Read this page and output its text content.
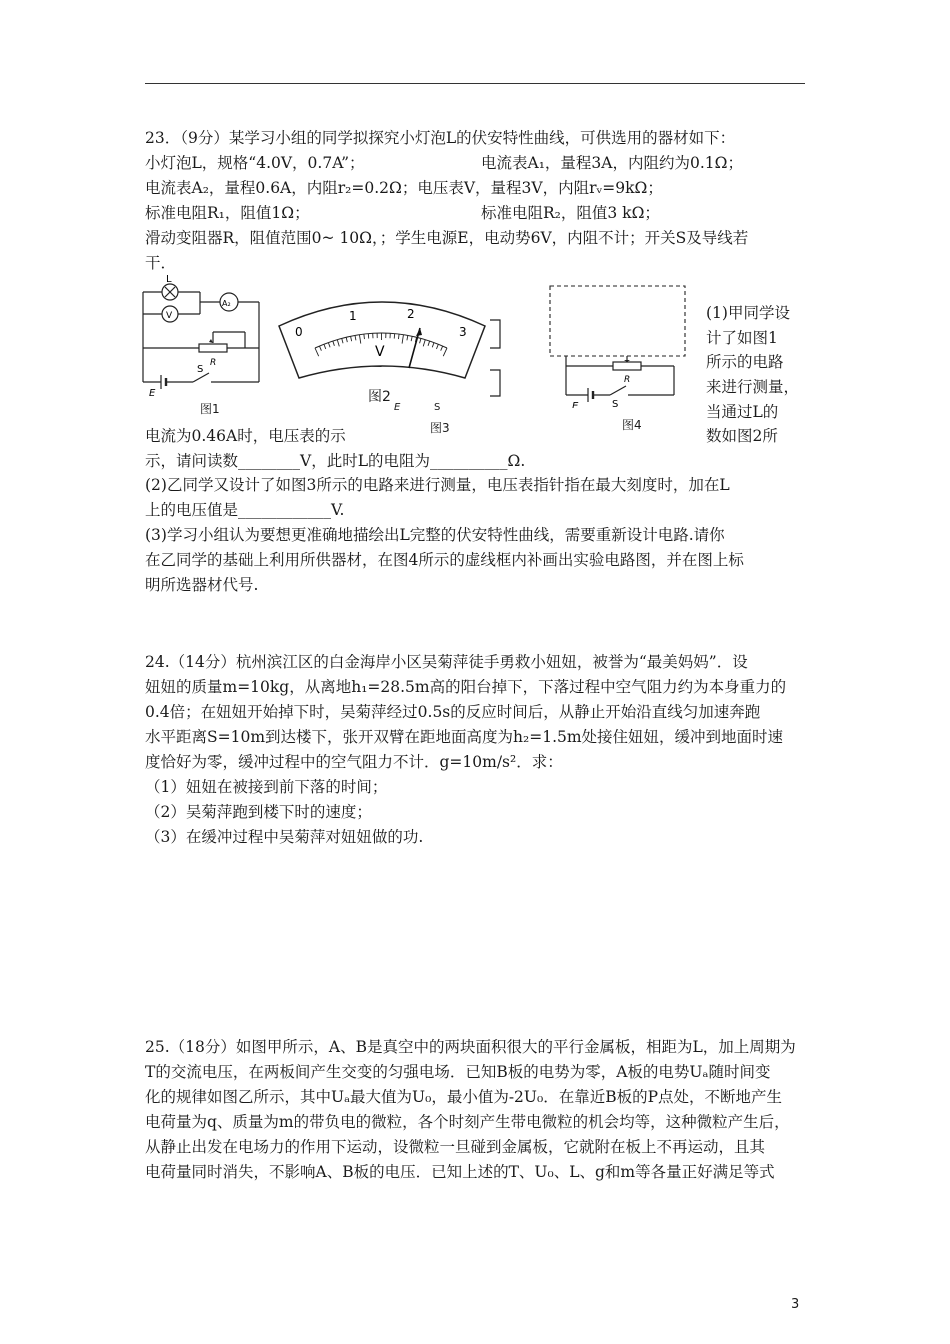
23．（9分）某学习小组的同学拟探究小灯泡L的伏安特性曲线，可供选用的器材如下：
小灯泡L，规格“4.0V，0.7A”；	电流表A₁，量程3A，内阻约为0.1Ω；
电流表A₂，量程0.6A，内阻r₂=0.2Ω；电压表V，量程3V，内阻rᵥ=9kΩ；
标准电阻R₁，阻值1Ω；	标准电阻R₂，阻值3 kΩ；
滑动变阻器R，阻值范围0~ 10Ω，；学生电源E，电动势6V，内阻不计；开关S及导线若
干．
L
V
A₂
R
S
E
图1
0
1	2
3
V
图2
E	S
图3
R
S
E
图4
(1)甲同学设
计了如图1
所示的电路
来进行测量，
当通过L的
数如图2所
电流为0.46A时，电压表的示
示，请问读数________V，此时L的电阻为__________Ω.
(2)乙同学又设计了如图3所示的电路来进行测量，电压表指针指在最大刻度时，加在L
上的电压值是____________V.
(3)学习小组认为要想更准确地描绘出L完整的伏安特性曲线，需要重新设计电路.请你
在乙同学的基础上利用所供器材，在图4所示的虚线框内补画出实验电路图，并在图上标
明所选器材代号.
24.（14分）杭州滨江区的白金海岸小区吴菊萍徒手勇救小妞妞，被誉为“最美妈妈”．设
妞妞的质量m=10kg，从离地h₁=28.5m高的阳台掉下，下落过程中空气阻力约为本身重力的
0.4倍；在妞妞开始掉下时，吴菊萍经过0.5s的反应时间后，从静止开始沿直线匀加速奔跑
水平距离S=10m到达楼下，张开双臂在距地面高度为h₂=1.5m处接住妞妞，缓冲到地面时速
度恰好为零，缓冲过程中的空气阻力不计．g=10m/s²．求：
（1）妞妞在被接到前下落的时间；
（2）吴菊萍跑到楼下时的速度；
（3）在缓冲过程中吴菊萍对妞妞做的功.
25.（18分）如图甲所示，A、B是真空中的两块面积很大的平行金属板，相距为L，加上周期为
T的交流电压，在两板间产生交变的匀强电场．已知B板的电势为零，A板的电势Uₐ随时间变
化的规律如图乙所示，其中Uₐ最大值为U₀，最小值为-2U₀．在靠近B板的P点处，不断地产生
电荷量为q、质量为m的带负电的微粒，各个时刻产生带电微粒的机会均等，这种微粒产生后，
从静止出发在电场力的作用下运动，设微粒一旦碰到金属板，它就附在板上不再运动，且其
电荷量同时消失，不影响A、B板的电压．已知上述的T、U₀、L、g和m等各量正好满足等式
3
